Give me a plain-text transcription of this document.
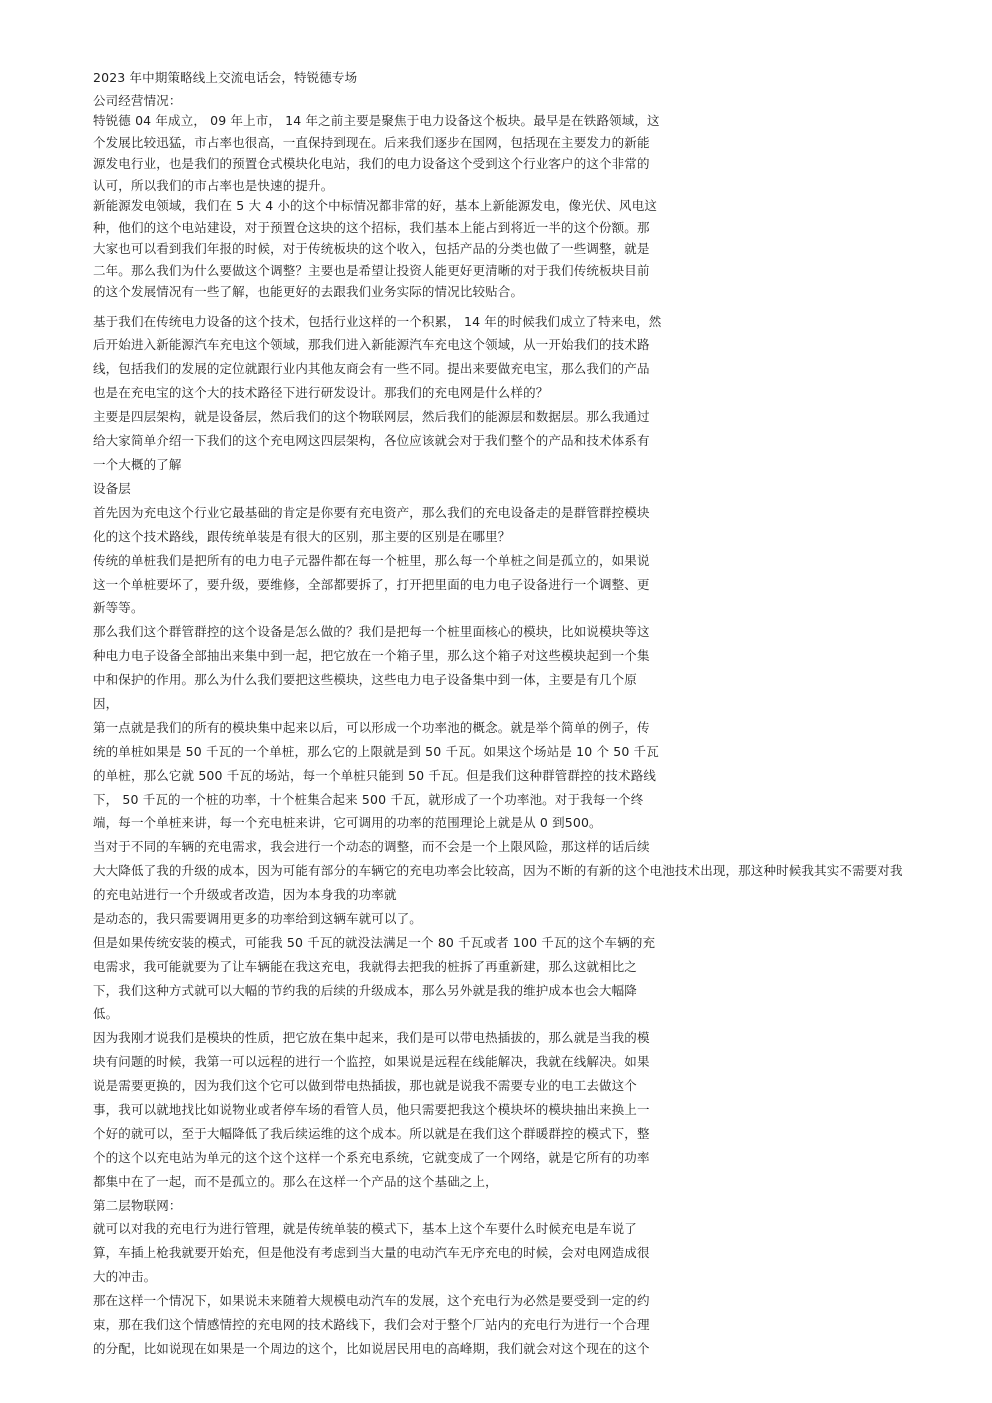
2023 年中期策略线上交流电话会，特锐德专场
公司经营情况：
特锐德 04 年成立， 09 年上市， 14 年之前主要是聚焦于电力设备这个板块。最早是在铁路领域，这
个发展比较迅猛，市占率也很高，一直保持到现在。后来我们逐步在国网，包括现在主要发力的新能
源发电行业，也是我们的预置仓式模块化电站，我们的电力设备这个受到这个行业客户的这个非常的
认可，所以我们的市占率也是快速的提升。
新能源发电领域，我们在 5 大 4 小的这个中标情况都非常的好，基本上新能源发电，像光伏、风电这
种，他们的这个电站建设，对于预置仓这块的这个招标，我们基本上能占到将近一半的这个份额。那
大家也可以看到我们年报的时候，对于传统板块的这个收入，包括产品的分类也做了一些调整，就是
二年。那么我们为什么要做这个调整？主要也是希望让投资人能更好更清晰的对于我们传统板块目前
的这个发展情况有一些了解，也能更好的去跟我们业务实际的情况比较贴合。
基于我们在传统电力设备的这个技术，包括行业这样的一个积累， 14 年的时候我们成立了特来电，然
后开始进入新能源汽车充电这个领域，那我们进入新能源汽车充电这个领域，从一开始我们的技术路
线，包括我们的发展的定位就跟行业内其他友商会有一些不同。提出来要做充电宝，那么我们的产品
也是在充电宝的这个大的技术路径下进行研发设计。那我们的充电网是什么样的？
主要是四层架构，就是设备层，然后我们的这个物联网层，然后我们的能源层和数据层。那么我通过
给大家简单介绍一下我们的这个充电网这四层架构，各位应该就会对于我们整个的产品和技术体系有
一个大概的了解
设备层
首先因为充电这个行业它最基础的肯定是你要有充电资产，那么我们的充电设备走的是群管群控模块
化的这个技术路线，跟传统单装是有很大的区别，那主要的区别是在哪里？
传统的单桩我们是把所有的电力电子元器件都在每一个桩里，那么每一个单桩之间是孤立的，如果说
这一个单桩要坏了，要升级，要维修，全部都要拆了，打开把里面的电力电子设备进行一个调整、更
新等等。
那么我们这个群管群控的这个设备是怎么做的？我们是把每一个桩里面核心的模块，比如说模块等这
种电力电子设备全部抽出来集中到一起，把它放在一个箱子里，那么这个箱子对这些模块起到一个集
中和保护的作用。那么为什么我们要把这些模块，这些电力电子设备集中到一体，主要是有几个原
因，
第一点就是我们的所有的模块集中起来以后，可以形成一个功率池的概念。就是举个简单的例子，传
统的单桩如果是 50 千瓦的一个单桩，那么它的上限就是到 50 千瓦。如果这个场站是 10 个 50 千瓦
的单桩，那么它就 500 千瓦的场站，每一个单桩只能到 50 千瓦。但是我们这种群管群控的技术路线
下， 50 千瓦的一个桩的功率，十个桩集合起来 500 千瓦，就形成了一个功率池。对于我每一个终
端，每一个单桩来讲，每一个充电桩来讲，它可调用的功率的范围理论上就是从 0 到500。
当对于不同的车辆的充电需求，我会进行一个动态的调整，而不会是一个上限风险，那这样的话后续
大大降低了我的升级的成本，因为可能有部分的车辆它的充电功率会比较高，因为不断的有新的这个电池技术出现，那这种时候我其实不需要对我
的充电站进行一个升级或者改造，因为本身我的功率就
是动态的，我只需要调用更多的功率给到这辆车就可以了。
但是如果传统安装的模式，可能我 50 千瓦的就没法满足一个 80 千瓦或者 100 千瓦的这个车辆的充
电需求，我可能就要为了让车辆能在我这充电，我就得去把我的桩拆了再重新建，那么这就相比之
下，我们这种方式就可以大幅的节约我的后续的升级成本，那么另外就是我的维护成本也会大幅降
低。
因为我刚才说我们是模块的性质，把它放在集中起来，我们是可以带电热插拔的，那么就是当我的模
块有问题的时候，我第一可以远程的进行一个监控，如果说是远程在线能解决，我就在线解决。如果
说是需要更换的，因为我们这个它可以做到带电热插拔，那也就是说我不需要专业的电工去做这个
事，我可以就地找比如说物业或者停车场的看管人员，他只需要把我这个模块坏的模块抽出来换上一
个好的就可以，至于大幅降低了我后续运维的这个成本。所以就是在我们这个群暖群控的模式下，整
个的这个以充电站为单元的这个这个这样一个系充电系统，它就变成了一个网络，就是它所有的功率
都集中在了一起，而不是孤立的。那么在这样一个产品的这个基础之上，
第二层物联网：
就可以对我的充电行为进行管理，就是传统单装的模式下，基本上这个车要什么时候充电是车说了
算，车插上枪我就要开始充，但是他没有考虑到当大量的电动汽车无序充电的时候，会对电网造成很
大的冲击。
那在这样一个情况下，如果说未来随着大规模电动汽车的发展，这个充电行为必然是要受到一定的约
束，那在我们这个情感情控的充电网的技术路线下，我们会对于整个厂站内的充电行为进行一个合理
的分配，比如说现在如果是一个周边的这个，比如说居民用电的高峰期，我们就会对这个现在的这个
